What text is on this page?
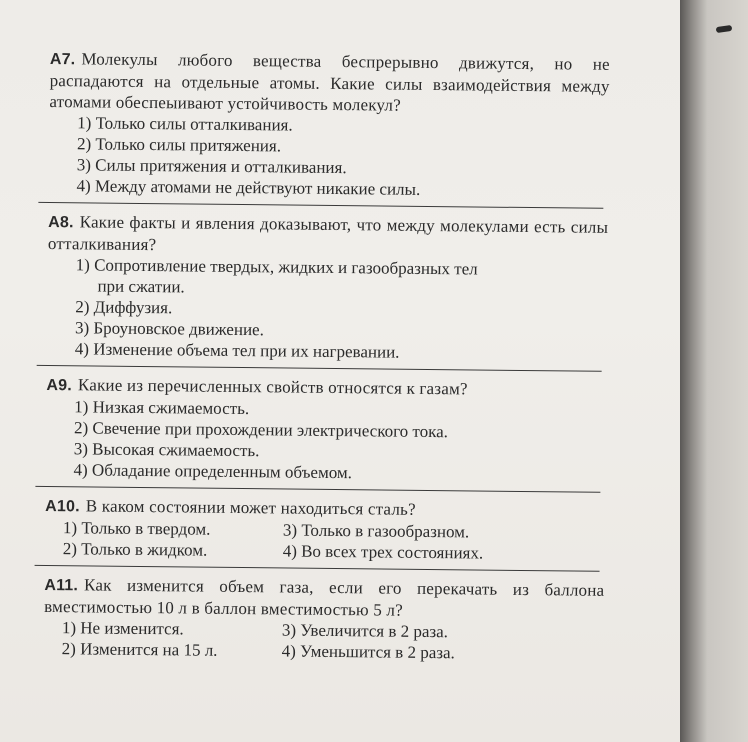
А7. Молекулы любого вещества беспрерывно движутся, но не распадаются на отдельные атомы. Какие силы взаимодействия между атомами обеспеыивают устойчивость молекул?
1) Только силы отталкивания.
2) Только силы притяжения.
3) Силы притяжения и отталкивания.
4) Между атомами не действуют никакие силы.
А8. Какие факты и явления доказывают, что между молекулами есть силы отталкивания?
1) Сопротивление твердых, жидких и газообразных тел
при сжатии.
2) Диффузия.
3) Броуновское движение.
4) Изменение объема тел при их нагревании.
А9. Какие из перечисленных свойств относятся к газам?
1) Низкая сжимаемость.
2) Свечение при прохождении электрического тока.
3) Высокая сжимаемость.
4) Обладание определенным объемом.
А10. В каком состоянии может находиться сталь?
1) Только в твердом.	3) Только в газообразном.
2) Только в жидком.	4) Во всех трех состояниях.
А11. Как изменится объем газа, если его перекачать из баллона вместимостью 10 л в баллон вместимостью 5 л?
1) Не изменится.	3) Увеличится в 2 раза.
2) Изменится на 15 л.	4) Уменьшится в 2 раза.
